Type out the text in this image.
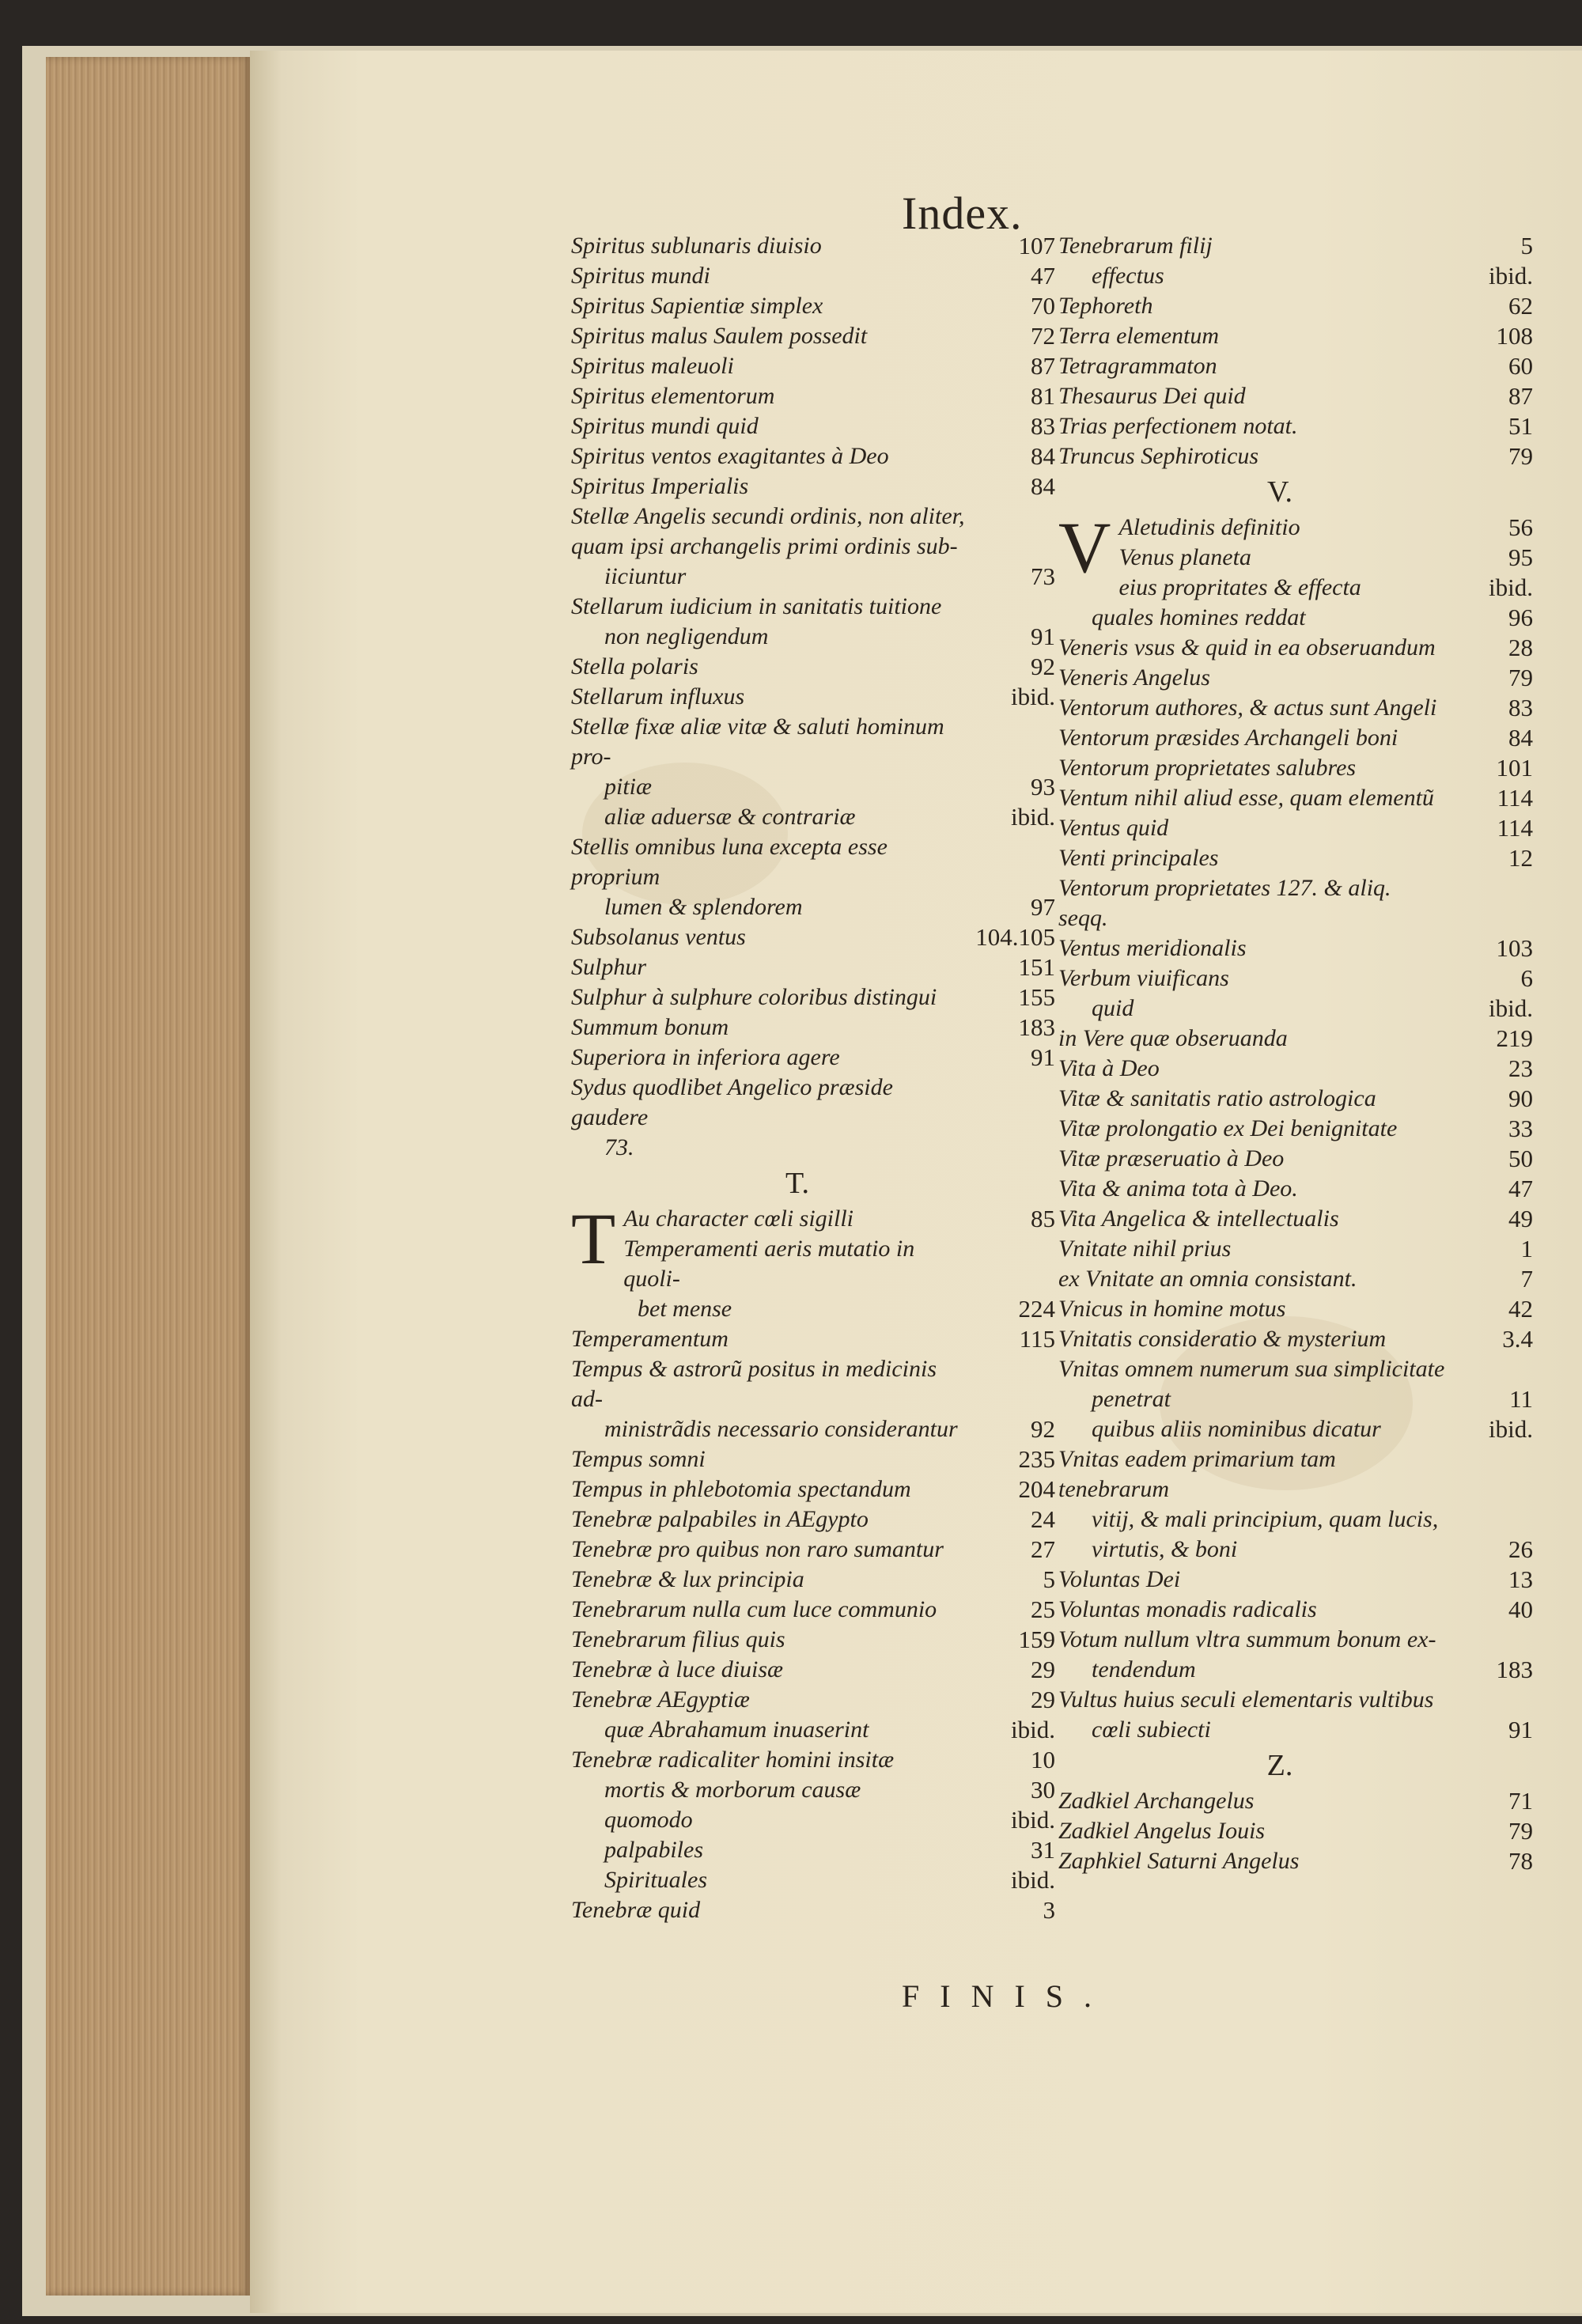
Index.
Spiritus sublunaris diuisio	107
Spiritus mundi	47
Spiritus Sapientiæ simplex	70
Spiritus malus Saulem possedit	72
Spiritus maleuoli	87
Spiritus elementorum	81
Spiritus mundi quid	83
Spiritus ventos exagitantes à Deo	84
Spiritus Imperialis	84
Stellæ Angelis secundi ordinis, non aliter, quam ipsi archangelis primi ordinis sub-
iiciuntur	73
Stellarum iudicium in sanitatis tuitione
non negligendum	91
Stella polaris	92
Stellarum influxus	ibid.
Stellæ fixæ aliæ vitæ & saluti hominum pro-
pitiæ	93
aliæ aduersæ & contrariæ	ibid.
Stellis omnibus luna excepta esse proprium
lumen & splendorem	97
Subsolanus ventus	104.105
Sulphur	151
Sulphur à sulphure coloribus distingui	155
Summum bonum	183
Superiora in inferiora agere	91
Sydus quodlibet Angelico præside gaudere
73.
T.
T Au character cœli sigilli	85
Temperamenti aeris mutatio in quoli-
bet mense	224
Temperamentum	115
Tempus & astrorũ positus in medicinis ad-
ministrãdis necessario considerantur	92
Tempus somni	235
Tempus in phlebotomia spectandum	204
Tenebræ palpabiles in AEgypto	24
Tenebræ pro quibus non raro sumantur	27
Tenebræ & lux principia	5
Tenebrarum nulla cum luce communio	25
Tenebrarum filius quis	159
Tenebræ à luce diuisæ	29
Tenebræ AEgyptiæ	29
quæ Abrahamum inuaserint	ibid.
Tenebræ radicaliter homini insitæ	10
mortis & morborum causæ	30
quomodo	ibid.
palpabiles	31
Spirituales	ibid.
Tenebræ quid	3
Tenebrarum filij	5
effectus	ibid.
Tephoreth	62
Terra elementum	108
Tetragrammaton	60
Thesaurus Dei quid	87
Trias perfectionem notat.	51
Truncus Sephiroticus	79
V.
V Aletudinis definitio	56
Venus planeta	95
eius propritates & effecta	ibid.
quales homines reddat	96
Veneris vsus & quid in ea obseruandum	28
Veneris Angelus	79
Ventorum authores, & actus sunt Angeli	83
Ventorum præsides Archangeli boni	84
Ventorum proprietates salubres	101
Ventum nihil aliud esse, quam elementũ	114
Ventus quid	114
Venti principales	12
Ventorum proprietates 127. & aliq. seqq.
Ventus meridionalis	103
Verbum viuificans	6
quid	ibid.
in Vere quæ obseruanda	219
Vita à Deo	23
Vitæ & sanitatis ratio astrologica	90
Vitæ prolongatio ex Dei benignitate	33
Vitæ præseruatio à Deo	50
Vita & anima tota à Deo.	47
Vita Angelica & intellectualis	49
Vnitate nihil prius	1
ex Vnitate an omnia consistant.	7
Vnicus in homine motus	42
Vnitatis consideratio & mysterium	3.4
Vnitas omnem numerum sua simplicitate
penetrat	11
quibus aliis nominibus dicatur	ibid.
Vnitas eadem primarium tam tenebrarum
vitij, & mali principium, quam lucis, virtutis, & boni	26
Voluntas Dei	13
Voluntas monadis radicalis	40
Votum nullum vltra summum bonum ex-
tendendum	183
Vultus huius seculi elementaris vultibus
cœli subiecti	91
Z.
Zadkiel Archangelus	71
Zadkiel Angelus Iouis	79
Zaphkiel Saturni Angelus	78
FINIS.
